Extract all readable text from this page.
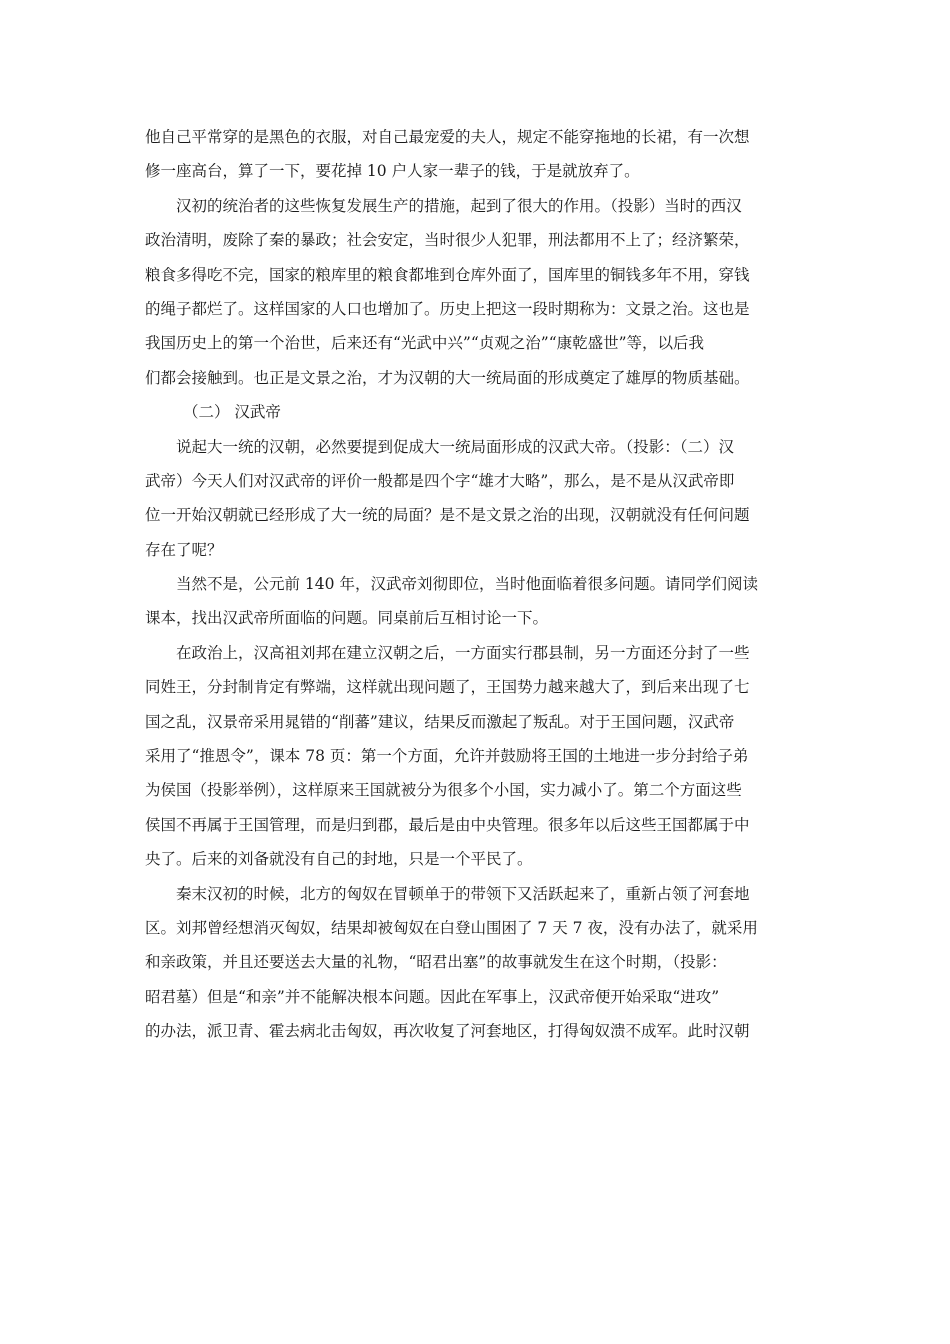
他自己平常穿的是黑色的衣服，对自己最宠爱的夫人，规定不能穿拖地的长裙，有一次想
修一座高台，算了一下，要花掉 10 户人家一辈子的钱，于是就放弃了。
汉初的统治者的这些恢复发展生产的措施，起到了很大的作用。（投影）当时的西汉
政治清明，废除了秦的暴政；社会安定，当时很少人犯罪，刑法都用不上了；经济繁荣，
粮食多得吃不完，国家的粮库里的粮食都堆到仓库外面了，国库里的铜钱多年不用，穿钱
的绳子都烂了。这样国家的人口也增加了。历史上把这一段时期称为：文景之治。这也是
我国历史上的第一个治世，后来还有“光武中兴”“贞观之治”“康乾盛世”等，以后我
们都会接触到。也正是文景之治，才为汉朝的大一统局面的形成奠定了雄厚的物质基础。
（二） 汉武帝
说起大一统的汉朝，必然要提到促成大一统局面形成的汉武大帝。（投影：（二）汉
武帝）今天人们对汉武帝的评价一般都是四个字“雄才大略”，那么，是不是从汉武帝即
位一开始汉朝就已经形成了大一统的局面？是不是文景之治的出现，汉朝就没有任何问题
存在了呢？
当然不是，公元前 140 年，汉武帝刘彻即位，当时他面临着很多问题。请同学们阅读
课本，找出汉武帝所面临的问题。同桌前后互相讨论一下。
在政治上，汉高祖刘邦在建立汉朝之后，一方面实行郡县制，另一方面还分封了一些
同姓王，分封制肯定有弊端，这样就出现问题了，王国势力越来越大了，到后来出现了七
国之乱，汉景帝采用晁错的“削蕃”建议，结果反而激起了叛乱。对于王国问题，汉武帝
采用了“推恩令”，课本 78 页：第一个方面，允许并鼓励将王国的土地进一步分封给子弟
为侯国（投影举例），这样原来王国就被分为很多个小国，实力减小了。第二个方面这些
侯国不再属于王国管理，而是归到郡，最后是由中央管理。很多年以后这些王国都属于中
央了。后来的刘备就没有自己的封地，只是一个平民了。
秦末汉初的时候，北方的匈奴在冒顿单于的带领下又活跃起来了，重新占领了河套地
区。刘邦曾经想消灭匈奴，结果却被匈奴在白登山围困了 7 天 7 夜，没有办法了，就采用
和亲政策，并且还要送去大量的礼物，“昭君出塞”的故事就发生在这个时期，（投影：
昭君墓）但是“和亲”并不能解决根本问题。因此在军事上，汉武帝便开始采取“进攻”
的办法，派卫青、霍去病北击匈奴，再次收复了河套地区，打得匈奴溃不成军。此时汉朝
